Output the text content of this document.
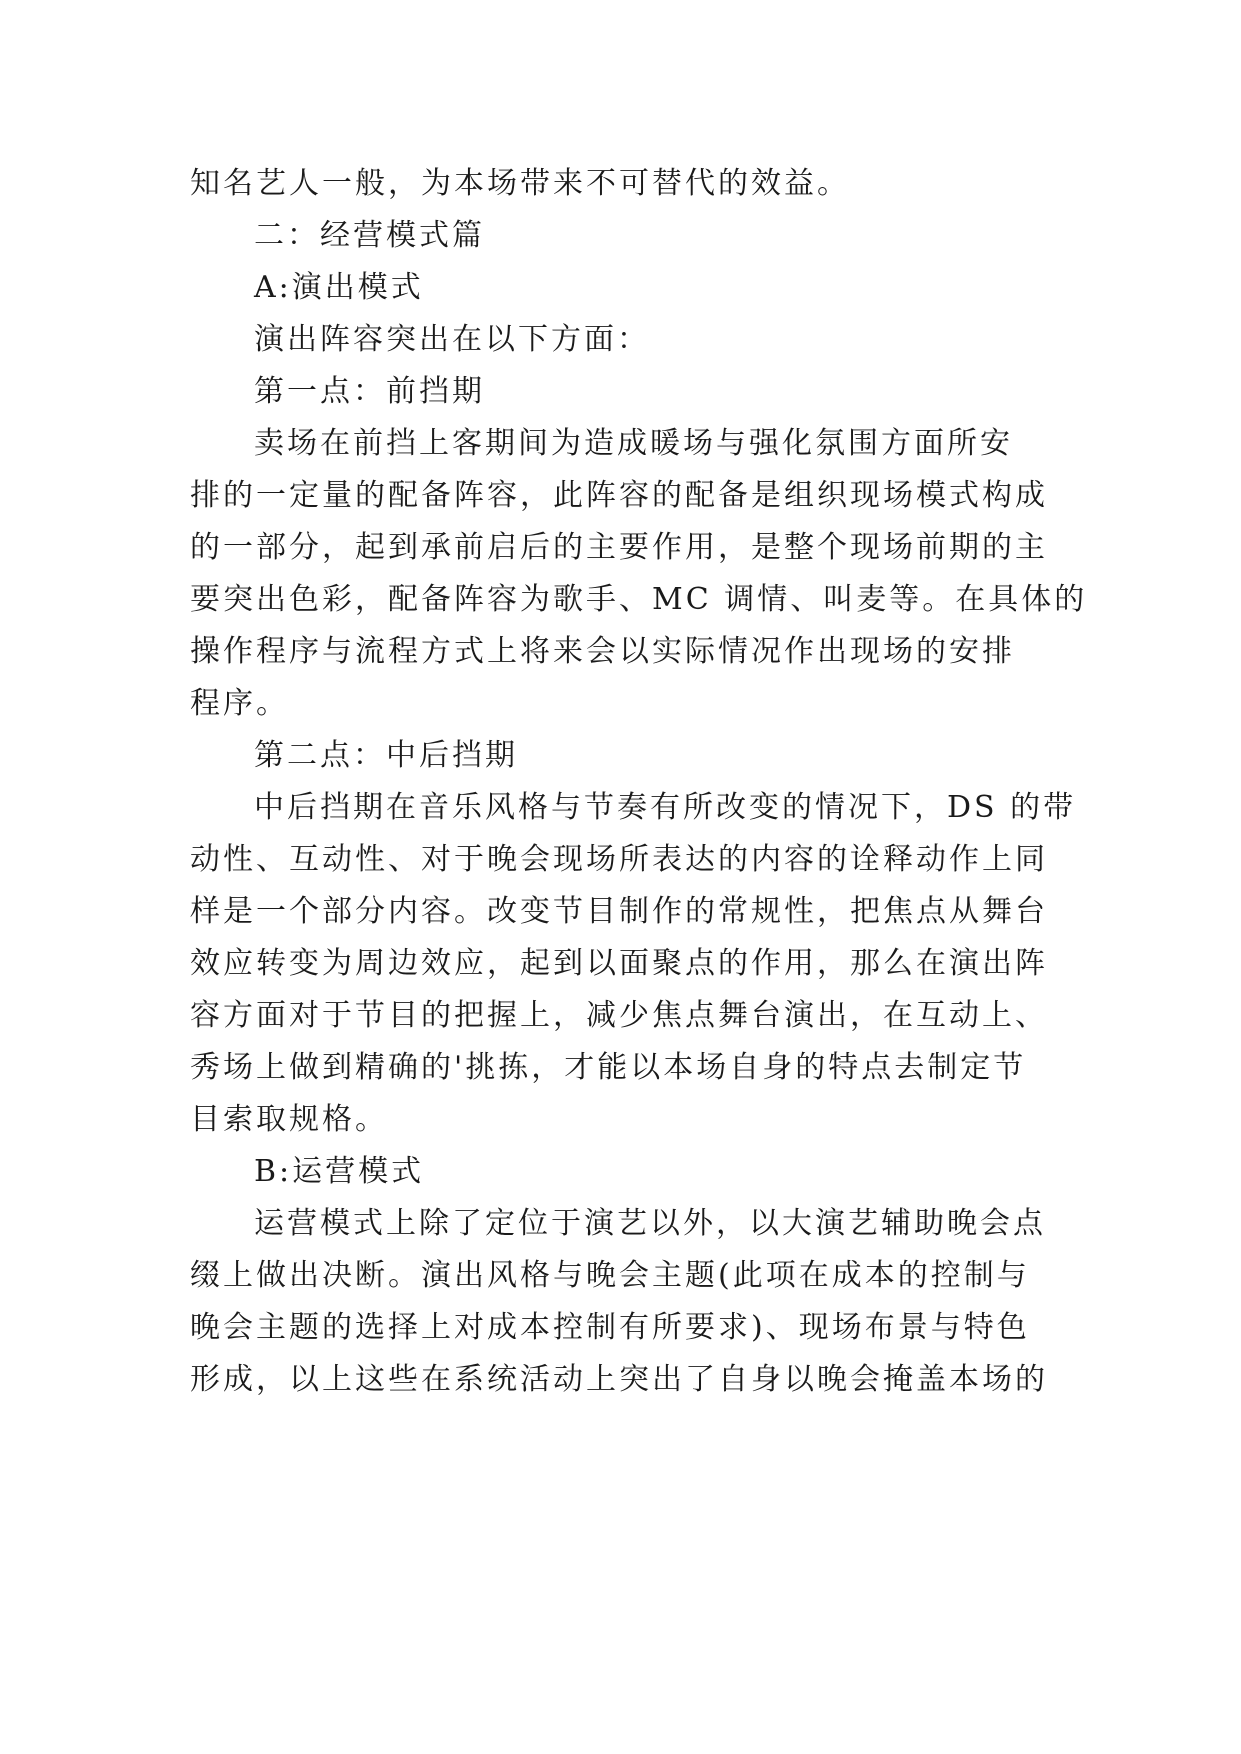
知名艺人一般，为本场带来不可替代的效益。
二：经营模式篇
A:演出模式
演出阵容突出在以下方面：
第一点：前挡期
卖场在前挡上客期间为造成暖场与强化氛围方面所安
排的一定量的配备阵容，此阵容的配备是组织现场模式构成
的一部分，起到承前启后的主要作用，是整个现场前期的主
要突出色彩，配备阵容为歌手、MC 调情、叫麦等。在具体的
操作程序与流程方式上将来会以实际情况作出现场的安排
程序。
第二点：中后挡期
中后挡期在音乐风格与节奏有所改变的情况下，DS 的带
动性、互动性、对于晚会现场所表达的内容的诠释动作上同
样是一个部分内容。改变节目制作的常规性，把焦点从舞台
效应转变为周边效应，起到以面聚点的作用，那么在演出阵
容方面对于节目的把握上，减少焦点舞台演出，在互动上、
秀场上做到精确的'挑拣，才能以本场自身的特点去制定节
目索取规格。
B:运营模式
运营模式上除了定位于演艺以外，以大演艺辅助晚会点
缀上做出决断。演出风格与晚会主题(此项在成本的控制与
晚会主题的选择上对成本控制有所要求)、现场布景与特色
形成，以上这些在系统活动上突出了自身以晚会掩盖本场的
